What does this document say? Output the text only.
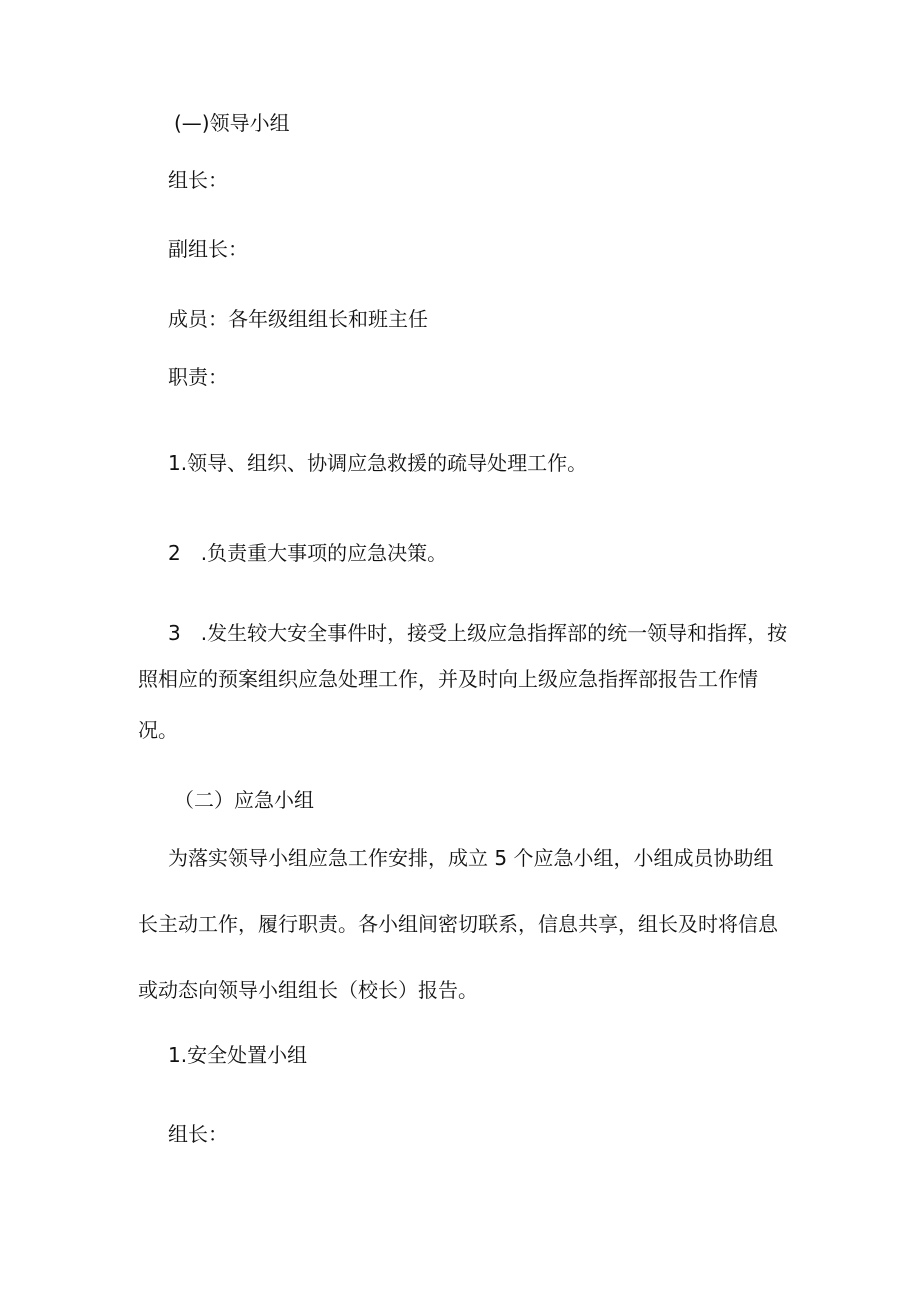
(—)领导小组
组长：
副组长：
成员：各年级组组长和班主任
职责：
1.领导、组织、协调应急救援的疏导处理工作。
2　.负责重大事项的应急决策。
3　.发生较大安全事件时，接受上级应急指挥部的统一领导和指挥，按
照相应的预案组织应急处理工作，并及时向上级应急指挥部报告工作情
况。
（二）应急小组
为落实领导小组应急工作安排，成立 5 个应急小组，小组成员协助组
长主动工作，履行职责。各小组间密切联系，信息共享，组长及时将信息
或动态向领导小组组长（校长）报告。
1.安全处置小组
组长：
